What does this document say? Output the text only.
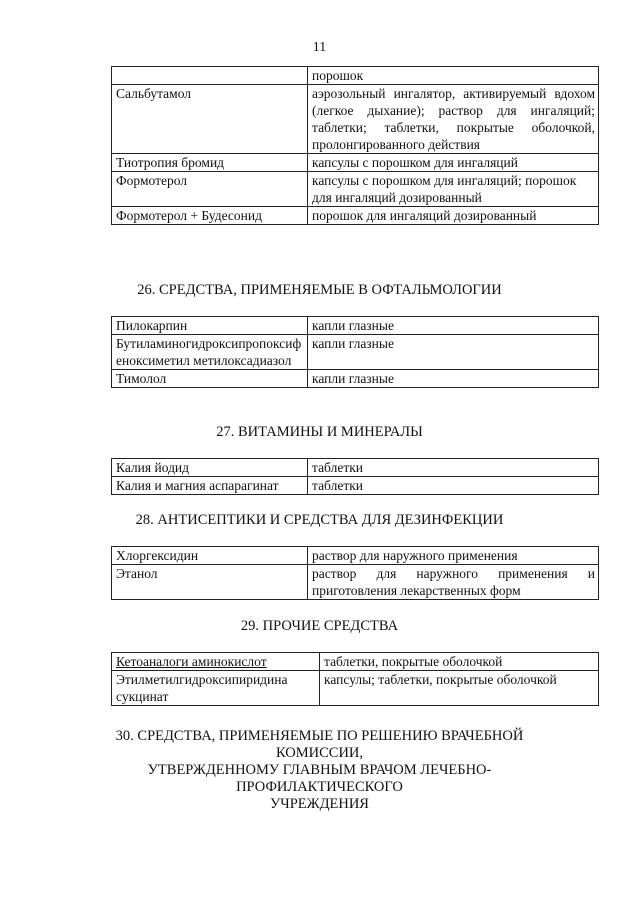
11
	порошок
Сальбутамол	аэрозольный ингалятор, активируемый вдохом (легкое дыхание); раствор для ингаляций; таблетки; таблетки, покрытые оболочкой, пролонгированного действия
Тиотропия бромид	капсулы с порошком для ингаляций
Формотерол	капсулы с порошком для ингаляций; порошок для ингаляций дозированный
Формотерол + Будесонид	порошок для ингаляций дозированный
26. СРЕДСТВА, ПРИМЕНЯЕМЫЕ В ОФТАЛЬМОЛОГИИ
Пилокарпин	капли глазные
Бутиламиногидроксипропоксифеноксиметил метилоксадиазол	капли глазные
Тимолол	капли глазные
27. ВИТАМИНЫ И МИНЕРАЛЫ
Калия йодид	таблетки
Калия и магния аспарагинат	таблетки
28. АНТИСЕПТИКИ И СРЕДСТВА ДЛЯ ДЕЗИНФЕКЦИИ
Хлоргексидин	раствор для наружного применения
Этанол	раствор для наружного применения и приготовления лекарственных форм
29. ПРОЧИЕ СРЕДСТВА
Кетоаналоги аминокислот	таблетки, покрытые оболочкой
Этилметилгидроксипиридина сукцинат	капсулы; таблетки, покрытые оболочкой
30. СРЕДСТВА, ПРИМЕНЯЕМЫЕ ПО РЕШЕНИЮ ВРАЧЕБНОЙ
КОМИССИИ,
УТВЕРЖДЕННОМУ ГЛАВНЫМ ВРАЧОМ ЛЕЧЕБНО-
ПРОФИЛАКТИЧЕСКОГО
УЧРЕЖДЕНИЯ
